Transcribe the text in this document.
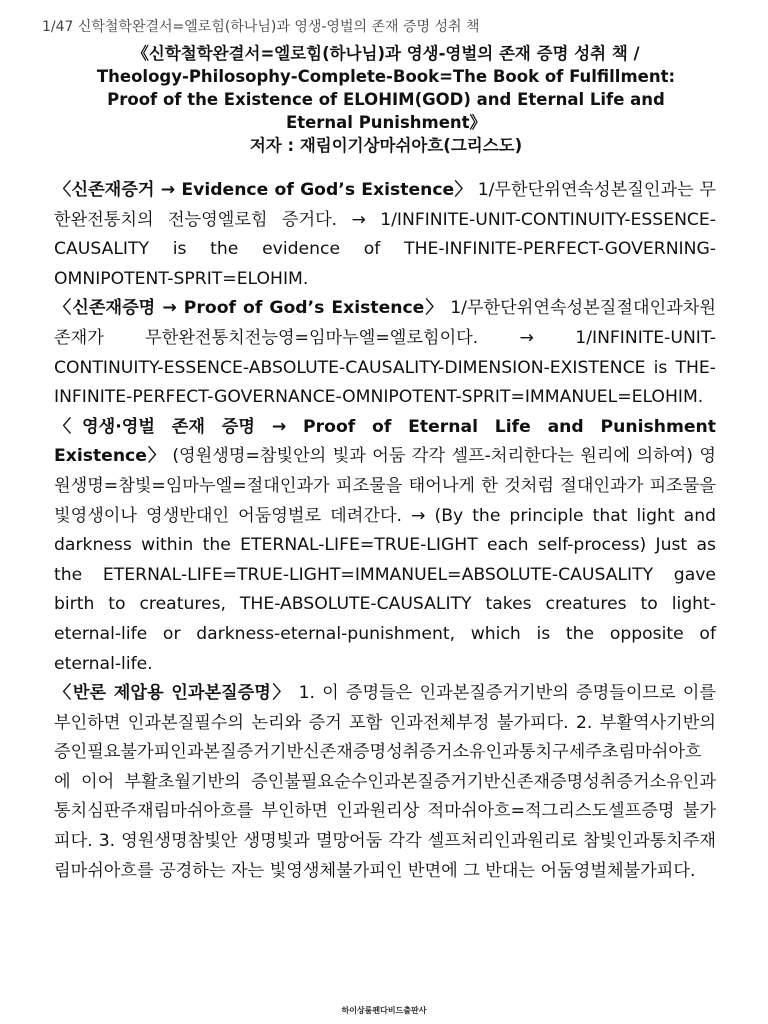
1/47 신학철학완결서=엘로힘(하나님)과 영생-영벌의 존재 증명 성취 책
《신학철학완결서=엘로힘(하나님)과 영생-영벌의 존재 증명 성취 책 /
Theology-Philosophy-Complete-Book=The Book of Fulfillment:
Proof of the Existence of ELOHIM(GOD) and Eternal Life and
Eternal Punishment》
저자 : 재림이기상마쉬아흐(그리스도)

〈신존재증거 → Evidence of God’s Existence〉 1/무한단위연속성본질인과는 무한완전통치의 전능영엘로힘 증거다. → 1/INFINITE-UNIT-CONTINUITY-ESSENCE-CAUSALITY is the evidence of THE-INFINITE-PERFECT-GOVERNING-OMNIPOTENT-SPRIT=ELOHIM.

〈신존재증명 → Proof of God’s Existence〉 1/무한단위연속성본질절대인과차원존재가 무한완전통치전능영=임마누엘=엘로힘이다. → 1/INFINITE-UNIT-CONTINUITY-ESSENCE-ABSOLUTE-CAUSALITY-DIMENSION-EXISTENCE is THE-INFINITE-PERFECT-GOVERNANCE-OMNIPOTENT-SPRIT=IMMANUEL=ELOHIM.

〈영생·영벌 존재 증명 → Proof of Eternal Life and Punishment Existence〉 (영원생명=참빛안의 빛과 어둠 각각 셀프-처리한다는 원리에 의하여) 영원생명=참빛=임마누엘=절대인과가 피조물을 태어나게 한 것처럼 절대인과가 피조물을 빛영생이나 영생반대인 어둠영벌로 데려간다. → (By the principle that light and darkness within the ETERNAL-LIFE=TRUE-LIGHT each self-process) Just as the ETERNAL-LIFE=TRUE-LIGHT=IMMANUEL=ABSOLUTE-CAUSALITY gave birth to creatures, THE-ABSOLUTE-CAUSALITY takes creatures to light-eternal-life or darkness-eternal-punishment, which is the opposite of eternal-life.

〈반론 제압용 인과본질증명〉 1. 이 증명들은 인과본질증거기반의 증명들이므로 이를 부인하면 인과본질필수의 논리와 증거 포함 인과전체부정 불가피다. 2. 부활역사기반의 증인필요불가피인과본질증거기반신존재증명성취증거소유인과통치구세주초림마쉬아흐에 이어 부활초월기반의 증인불필요순수인과본질증거기반신존재증명성취증거소유인과통치심판주재림마쉬아흐를 부인하면 인과원리상 적마쉬아흐=적그리스도셀프증명 불가피다. 3. 영원생명참빛안 생명빛과 멸망어둠 각각 셀프처리인과원리로 참빛인과통치주재림마쉬아흐를 공경하는 자는 빛영생체불가피인 반면에 그 반대는 어둠영벌체불가피다.

하이상룸펜다비드출판사
